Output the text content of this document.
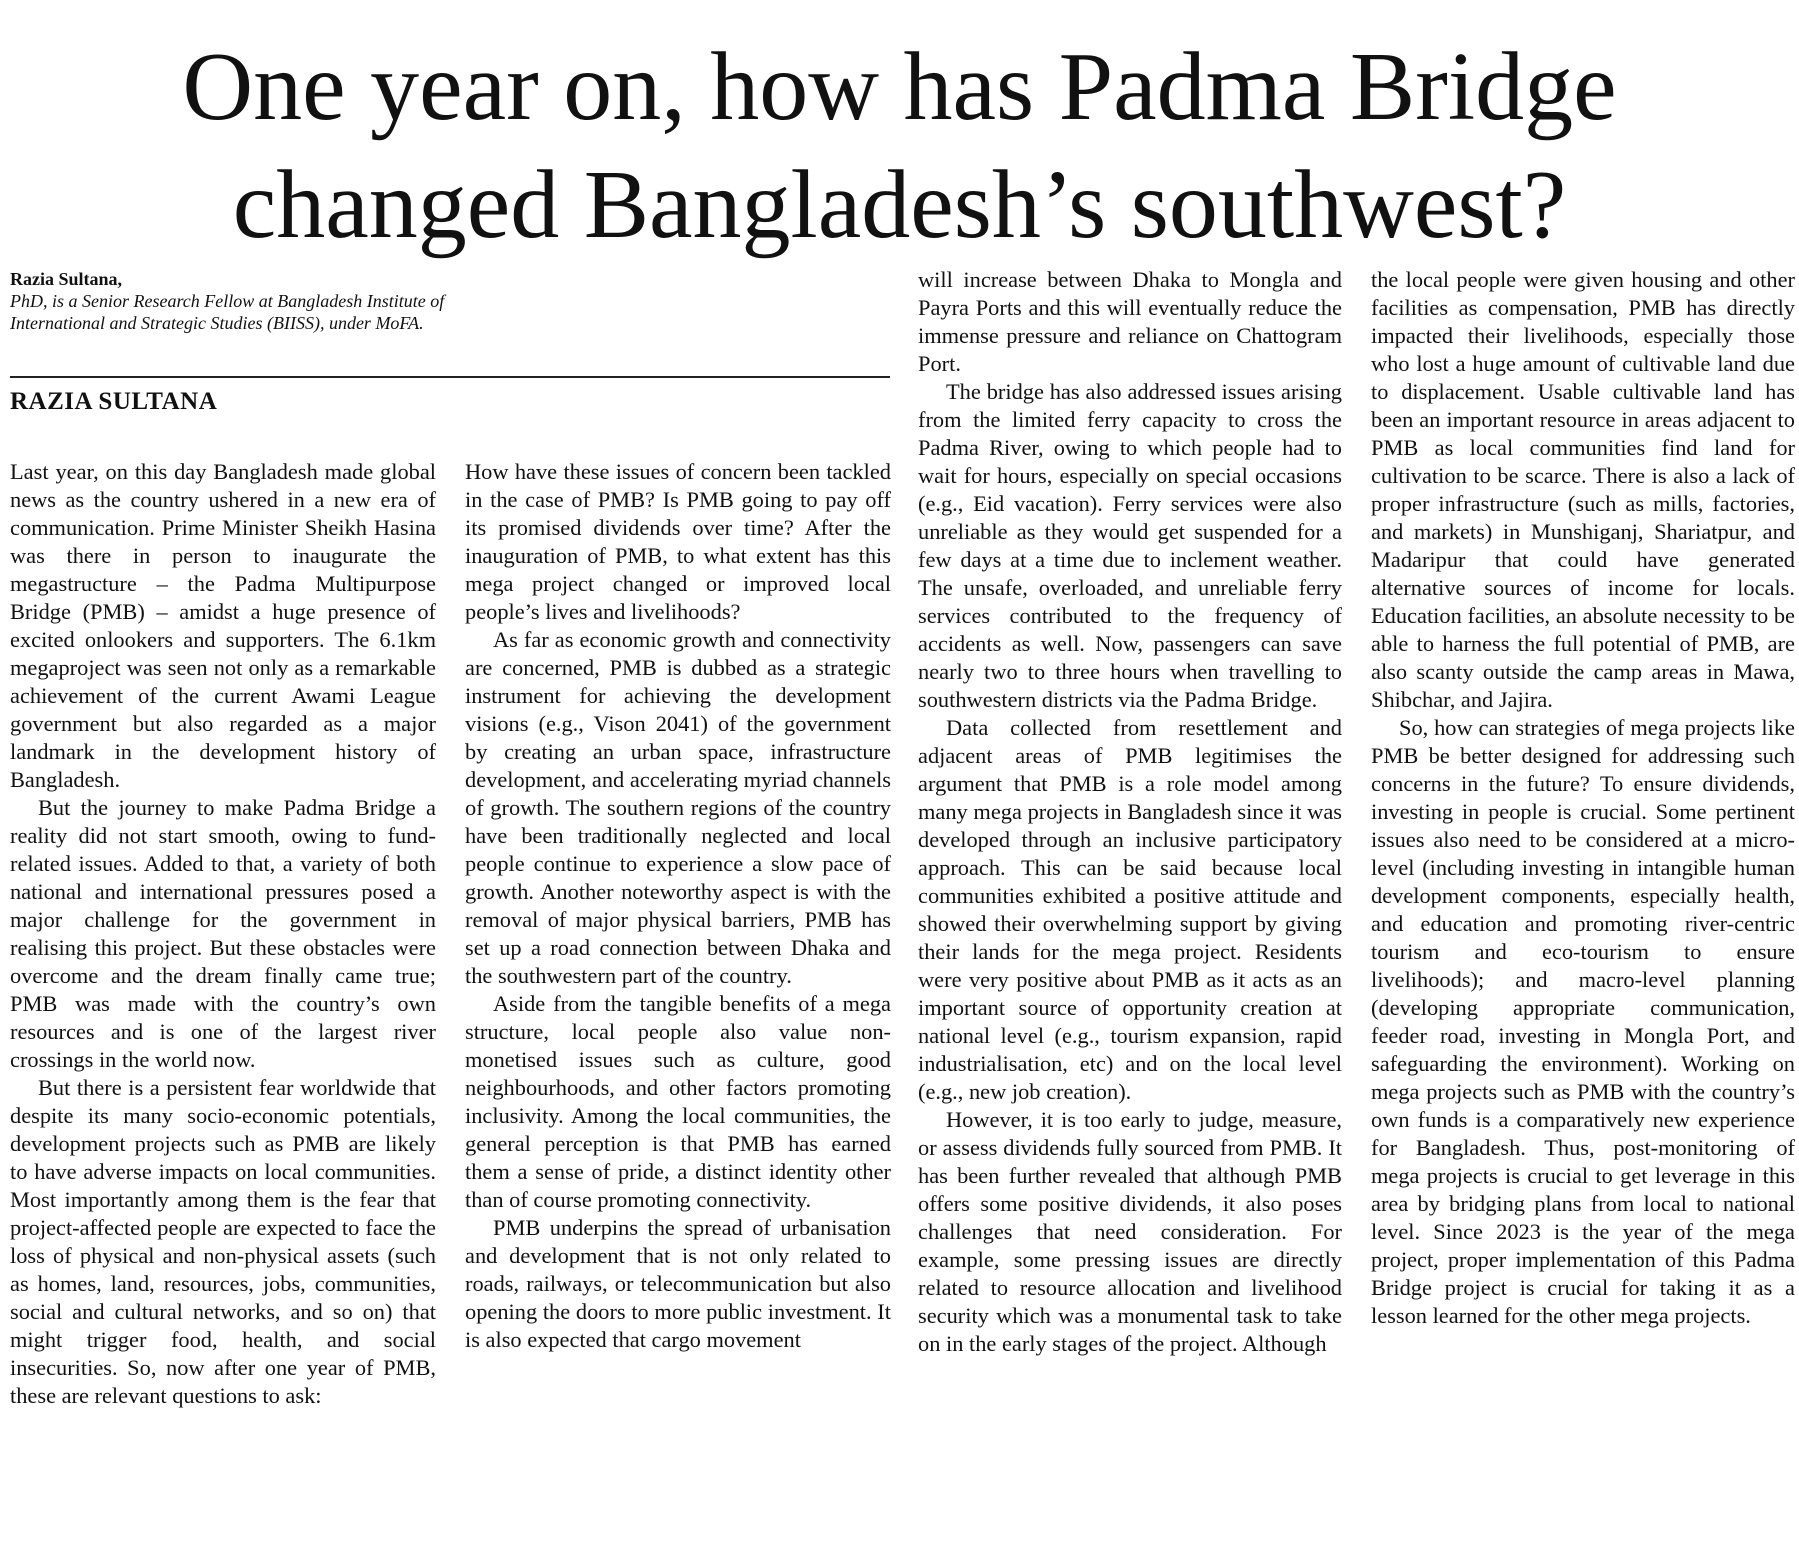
One year on, how has Padma Bridge
changed Bangladesh’s southwest?
Razia Sultana,
PhD, is a Senior Research Fellow at Bangladesh Institute of
International and Strategic Studies (BIISS), under MoFA.
RAZIA SULTANA

Last year, on this day Bangladesh made global news as the country ushered in a new era of communication. Prime Minister Sheikh Hasina was there in person to inaugurate the megastructure – the Padma Multipurpose Bridge (PMB) – amidst a huge presence of excited onlookers and supporters. The 6.1km megaproject was seen not only as a remarkable achievement of the current Awami League government but also regarded as a major landmark in the development history of Bangladesh.

But the journey to make Padma Bridge a reality did not start smooth, owing to fund-related issues. Added to that, a variety of both national and international pressures posed a major challenge for the government in realising this project. But these obstacles were overcome and the dream finally came true; PMB was made with the country’s own resources and is one of the largest river crossings in the world now.

But there is a persistent fear worldwide that despite its many socio-economic potentials, development projects such as PMB are likely to have adverse impacts on local communities. Most importantly among them is the fear that project-affected people are expected to face the loss of physical and non-physical assets (such as homes, land, resources, jobs, communities, social and cultural networks, and so on) that might trigger food, health, and social insecurities. So, now after one year of PMB, these are relevant questions to ask:

How have these issues of concern been tackled in the case of PMB? Is PMB going to pay off its promised dividends over time? After the inauguration of PMB, to what extent has this mega project changed or improved local people’s lives and livelihoods?

As far as economic growth and connectivity are concerned, PMB is dubbed as a strategic instrument for achieving the development visions (e.g., Vison 2041) of the government by creating an urban space, infrastructure development, and accelerating myriad channels of growth. The southern regions of the country have been traditionally neglected and local people continue to experience a slow pace of growth. Another noteworthy aspect is with the removal of major physical barriers, PMB has set up a road connection between Dhaka and the southwestern part of the country.

Aside from the tangible benefits of a mega structure, local people also value non-monetised issues such as culture, good neighbourhoods, and other factors promoting inclusivity. Among the local communities, the general perception is that PMB has earned them a sense of pride, a distinct identity other than of course promoting connectivity.

PMB underpins the spread of urbanisation and development that is not only related to roads, railways, or telecommunication but also opening the doors to more public investment. It is also expected that cargo movement

will increase between Dhaka to Mongla and Payra Ports and this will eventually reduce the immense pressure and reliance on Chattogram Port.

The bridge has also addressed issues arising from the limited ferry capacity to cross the Padma River, owing to which people had to wait for hours, especially on special occasions (e.g., Eid vacation). Ferry services were also unreliable as they would get suspended for a few days at a time due to inclement weather. The unsafe, overloaded, and unreliable ferry services contributed to the frequency of accidents as well. Now, passengers can save nearly two to three hours when travelling to southwestern districts via the Padma Bridge.

Data collected from resettlement and adjacent areas of PMB legitimises the argument that PMB is a role model among many mega projects in Bangladesh since it was developed through an inclusive participatory approach. This can be said because local communities exhibited a positive attitude and showed their overwhelming support by giving their lands for the mega project. Residents were very positive about PMB as it acts as an important source of opportunity creation at national level (e.g., tourism expansion, rapid industrialisation, etc) and on the local level (e.g., new job creation).

However, it is too early to judge, measure, or assess dividends fully sourced from PMB. It has been further revealed that although PMB offers some positive dividends, it also poses challenges that need consideration. For example, some pressing issues are directly related to resource allocation and livelihood security which was a monumental task to take on in the early stages of the project. Although

the local people were given housing and other facilities as compensation, PMB has directly impacted their livelihoods, especially those who lost a huge amount of cultivable land due to displacement. Usable cultivable land has been an important resource in areas adjacent to PMB as local communities find land for cultivation to be scarce. There is also a lack of proper infrastructure (such as mills, factories, and markets) in Munshiganj, Shariatpur, and Madaripur that could have generated alternative sources of income for locals. Education facilities, an absolute necessity to be able to harness the full potential of PMB, are also scanty outside the camp areas in Mawa, Shibchar, and Jajira.

So, how can strategies of mega projects like PMB be better designed for addressing such concerns in the future? To ensure dividends, investing in people is crucial. Some pertinent issues also need to be considered at a micro-level (including investing in intangible human development components, especially health, and education and promoting river-centric tourism and eco-tourism to ensure livelihoods); and macro-level planning (developing appropriate communication, feeder road, investing in Mongla Port, and safeguarding the environment). Working on mega projects such as PMB with the country’s own funds is a comparatively new experience for Bangladesh. Thus, post-monitoring of mega projects is crucial to get leverage in this area by bridging plans from local to national level. Since 2023 is the year of the mega project, proper implementation of this Padma Bridge project is crucial for taking it as a lesson learned for the other mega projects.
